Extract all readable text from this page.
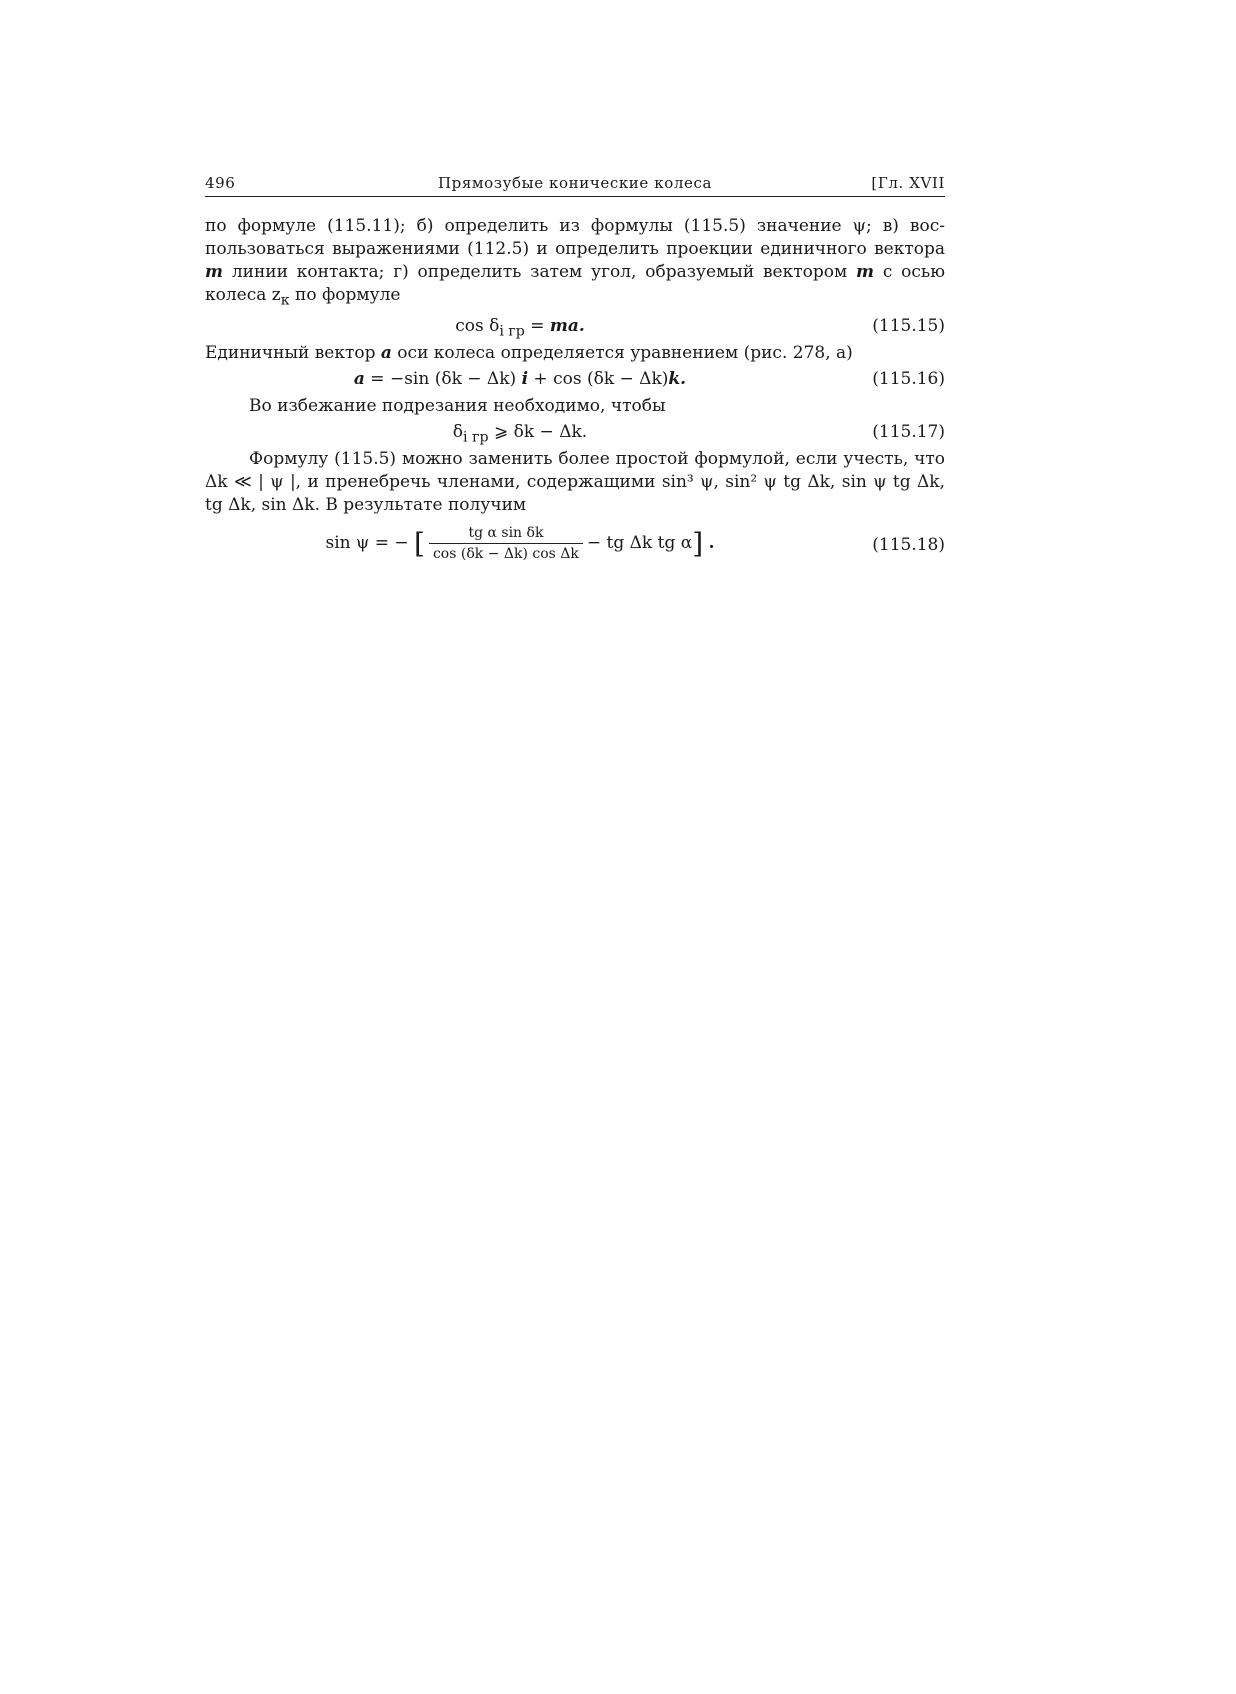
496	Прямозубые конические колеса	[Гл. XVII

по формуле (115.11); б) определить из формулы (115.5) значение ψ; в) воспользоваться выражениями (112.5) и определить проекции единичного вектора m линии контакта; г) определить затем угол, образуемый вектором m с осью колеса $z_к$ по формуле

$\cos \delta_{i гр}$ = ma.	(115.15)

Единичный вектор a оси колеса определяется уравнением (рис. 278, а)

a = −sin (δk − Δk) i + cos (δk − Δk)k.	(115.16)

Во избежание подрезания необходимо, чтобы

$\delta_{i гр}$ ⩾ δk − Δk.	(115.17)

Формулу (115.5) можно заменить более простой формулой, если учесть, что Δk ≪ | ψ |, и пренебречь членами, содержащими sin³ ψ, sin² ψ tg Δk, sin ψ tg Δk, tg Δk, sin Δk. В результате получим

sin ψ = − [ $\frac{\text{tg α sin δk}}{\text{cos (δk − Δk) cos Δk}}$ − tg Δk tg α] .	(115.18)
